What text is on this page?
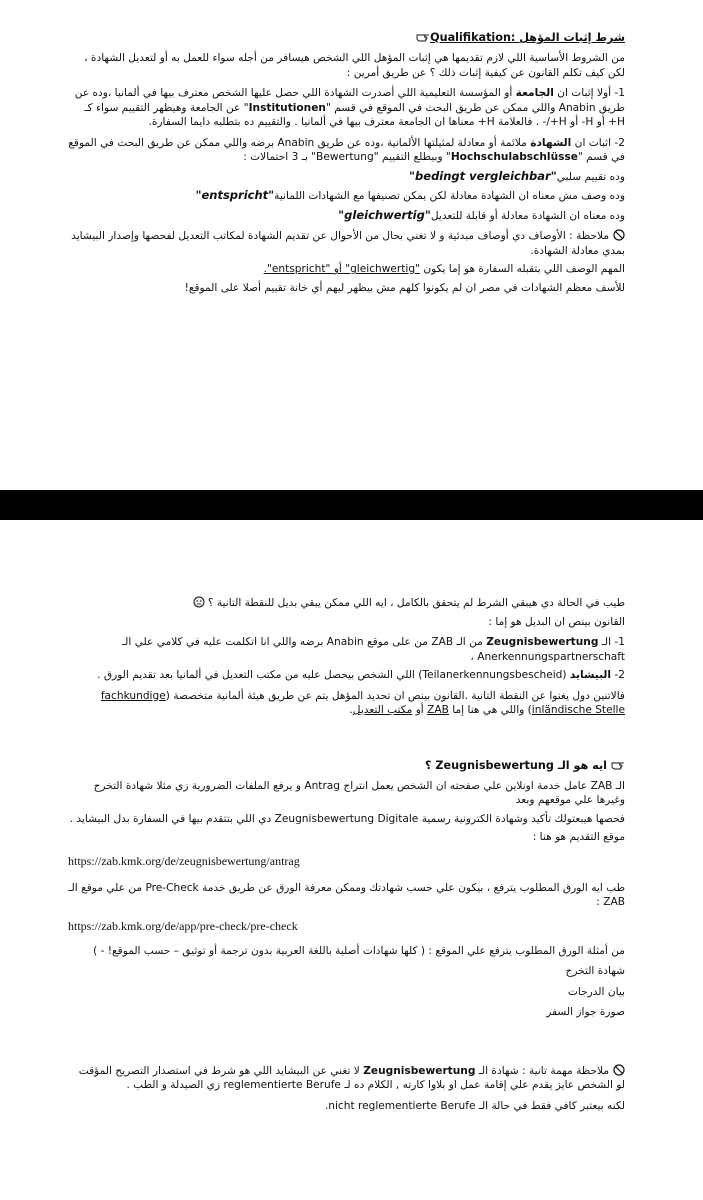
Qualifikation: شرط إثبات المؤهل
من الشروط الأساسية اللي لازم تقديمها هي إثبات المؤهل اللي الشخص هيسافر من أجله سواء للعمل به أو لتعديل الشهادة ، لكن كيف تكلم القانون عن كيفية إثبات ذلك ؟ عن طريق أمرين :
1- أولا إثبات ان الجامعة أو المؤسسة التعليمية اللي أصدرت الشهادة اللي حصل عليها الشخص معترف بيها في ألمانيا ،وده عن طريق Anabin واللي ممكن عن طريق البحث في الموقع في قسم "Institutionen" عن الجامعة وهيظهر التقييم سواء كـ H+ أو H- أو H+/- . فالعلامة H+ معناها ان الجامعة معترف بيها في ألمانيا . والتقييم ده بتطلبه دايما السفارة.
2- اثبات ان الشهادة ملائمة أو معادلة لمثيلتها الألمانية ،وده عن طريق Anabin برضه واللي ممكن عن طريق البحث في الموقع في قسم "Hochschulabschlüsse" وبيطلع التقييم "Bewertung" بـ 3 احتمالات :
وده تقييم سلبي"bedingt vergleichbar"
وده وصف مش معناه ان الشهادة معادلة لكن يمكن تصنيفها مع الشهادات اللمانية"entspricht"
وده معناه ان الشهادة معادلة أو قابلة للتعديل"gleichwertig"
ملاحظة : الأوصاف دي أوصاف مبدئية و لا تغني بحال من الأحوال عن تقديم الشهادة لمكاتب التعديل لفحصها وإصدار البيشايد بمدي معادلة الشهادة.
المهم الوصف اللي بتقبله السفارة هو إما يكون "gleichwertig" أو "entspricht".
للأسف معظم الشهادات في مصر ان لم يكونوا كلهم مش بيظهر ليهم أي خانة تقييم أصلا على الموقع!
طيب في الحالة دي هيبقي الشرط لم يتحقق بالكامل ، ايه اللي ممكن يبقي بديل للنقطة التانية ؟
القانون بينص ان البديل هو إما :
1- الـ Zeugnisbewertung من الـ ZAB من على موقع Anabin برضه واللي انا اتكلمت عليه في كلامي علي الـ Anerkennungspartnerschaft ،
2- البيشايد (Teilanerkennungsbescheid) اللي الشخص بيحصل عليه من مكتب التعديل في ألمانيا بعد تقديم الورق .
فالاتنين دول يغنوا عن النقطة التانية .القانون بينص ان تحديد المؤهل يتم عن طريق هيئة ألمانية متخصصة (fachkundige inländische Stelle) واللي هي هنا إما ZAB أو مكتب التعديل.
ايه هو الـ Zeugnisbewertung ؟
الـ ZAB عامل خدمة اونلاين علي صفحته ان الشخص يعمل انتراج Antrag و يرفع الملفات الضرورية زي مثلا شهادة التخرج وغيرها علي موقعهم وبعد
فحصها هيبعتولك تأكيد وشهادة الكترونية رسمية Zeugnisbewertung Digitale دي اللي بتتقدم بيها في السفارة بدل البيشايد .
موقع التقديم هو هنا :
https://zab.kmk.org/de/zeugnisbewertung/antrag
طب ايه الورق المطلوب يترفع ، بيكون علي حسب شهادتك وممكن معرفة الورق عن طريق خدمة Pre-Check من علي موقع الـ ZAB :
https://zab.kmk.org/de/app/pre-check/pre-check
من أمثلة الورق المطلوب يترفع علي الموقع : ( كلها شهادات أصلية باللغة العربية بدون ترجمة أو توثيق – حسب الموقع! - )
شهادة التخرج
بيان الدرجات
صورة جواز السفر
ملاحظة مهمة تانية : شهادة الـ Zeugnisbewertung لا تغني عن البيشايد اللي هو شرط في استصدار التصريح المؤقت لو الشخص عايز يقدم علي إقامة عمل او بلاوا كارته , الكلام ده لـ reglementierte Berufe زي الصيدلة و الطب .
لكنه بيعتبر كافي فقط في حالة الـ nicht reglementierte Berufe.
